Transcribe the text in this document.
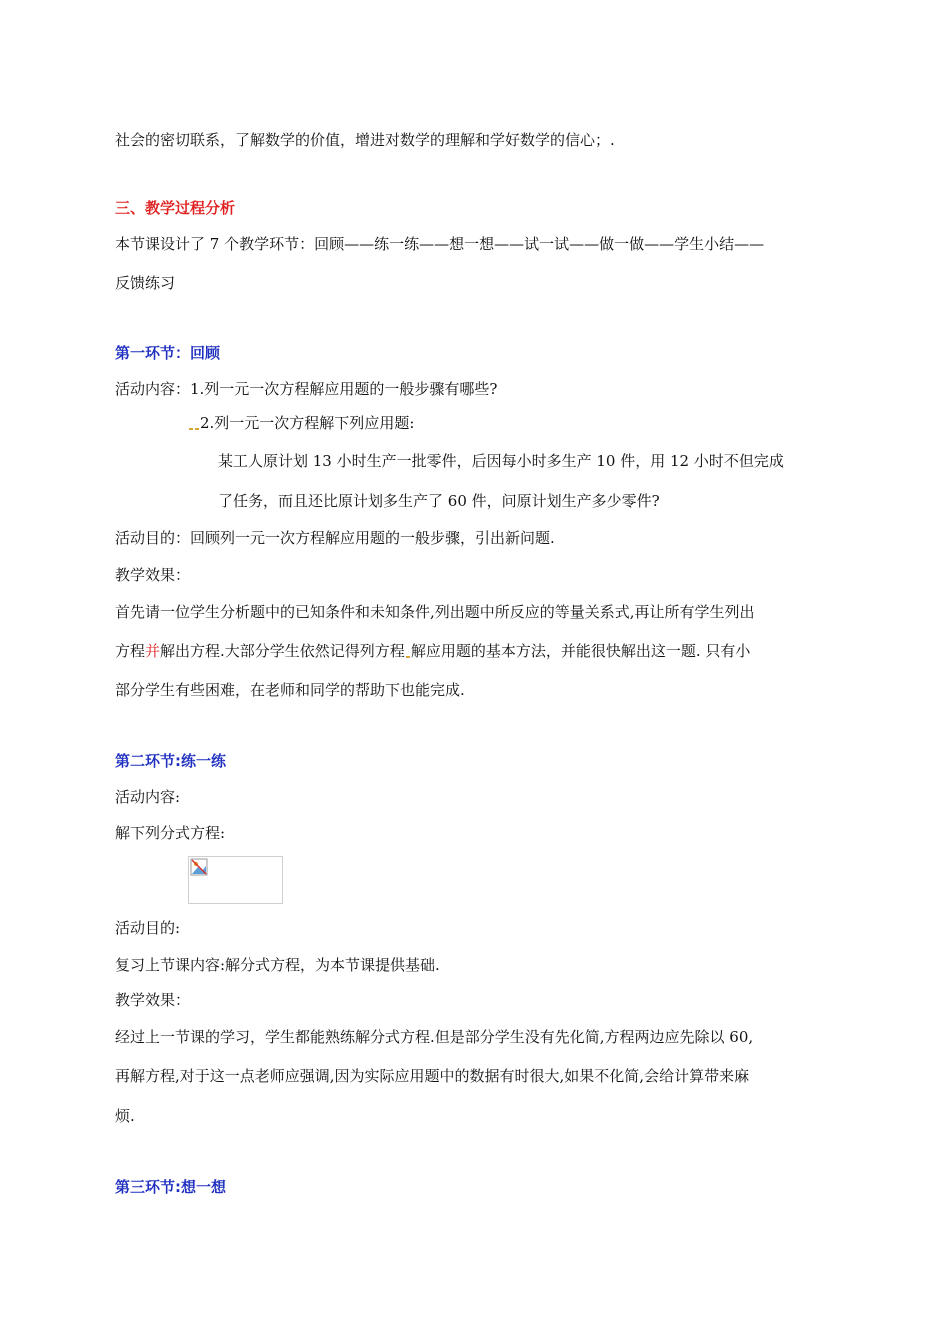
社会的密切联系，了解数学的价值，增进对数学的理解和学好数学的信心；.
三、教学过程分析
本节课设计了 7 个教学环节：回顾——练一练——想一想——试一试——做一做——学生小结——
反馈练习
第一环节：回顾
活动内容：1.列一元一次方程解应用题的一般步骤有哪些?
2.列一元一次方程解下列应用题:
某工人原计划 13 小时生产一批零件，后因每小时多生产 10 件，用 12 小时不但完成
了任务，而且还比原计划多生产了 60 件，问原计划生产多少零件?
活动目的：回顾列一元一次方程解应用题的一般步骤，引出新问题.
教学效果：
首先请一位学生分析题中的已知条件和未知条件,列出题中所反应的等量关系式,再让所有学生列出
方程并解出方程.大部分学生依然记得列方程 解应用题的基本方法，并能很快解出这一题. 只有小
部分学生有些困难，在老师和同学的帮助下也能完成.
第二环节:练一练
活动内容:
解下列分式方程:
活动目的:
复习上节课内容:解分式方程，为本节课提供基础.
教学效果：
经过上一节课的学习，学生都能熟练解分式方程.但是部分学生没有先化简,方程两边应先除以 60,
再解方程,对于这一点老师应强调,因为实际应用题中的数据有时很大,如果不化简,会给计算带来麻
烦.
第三环节:想一想
